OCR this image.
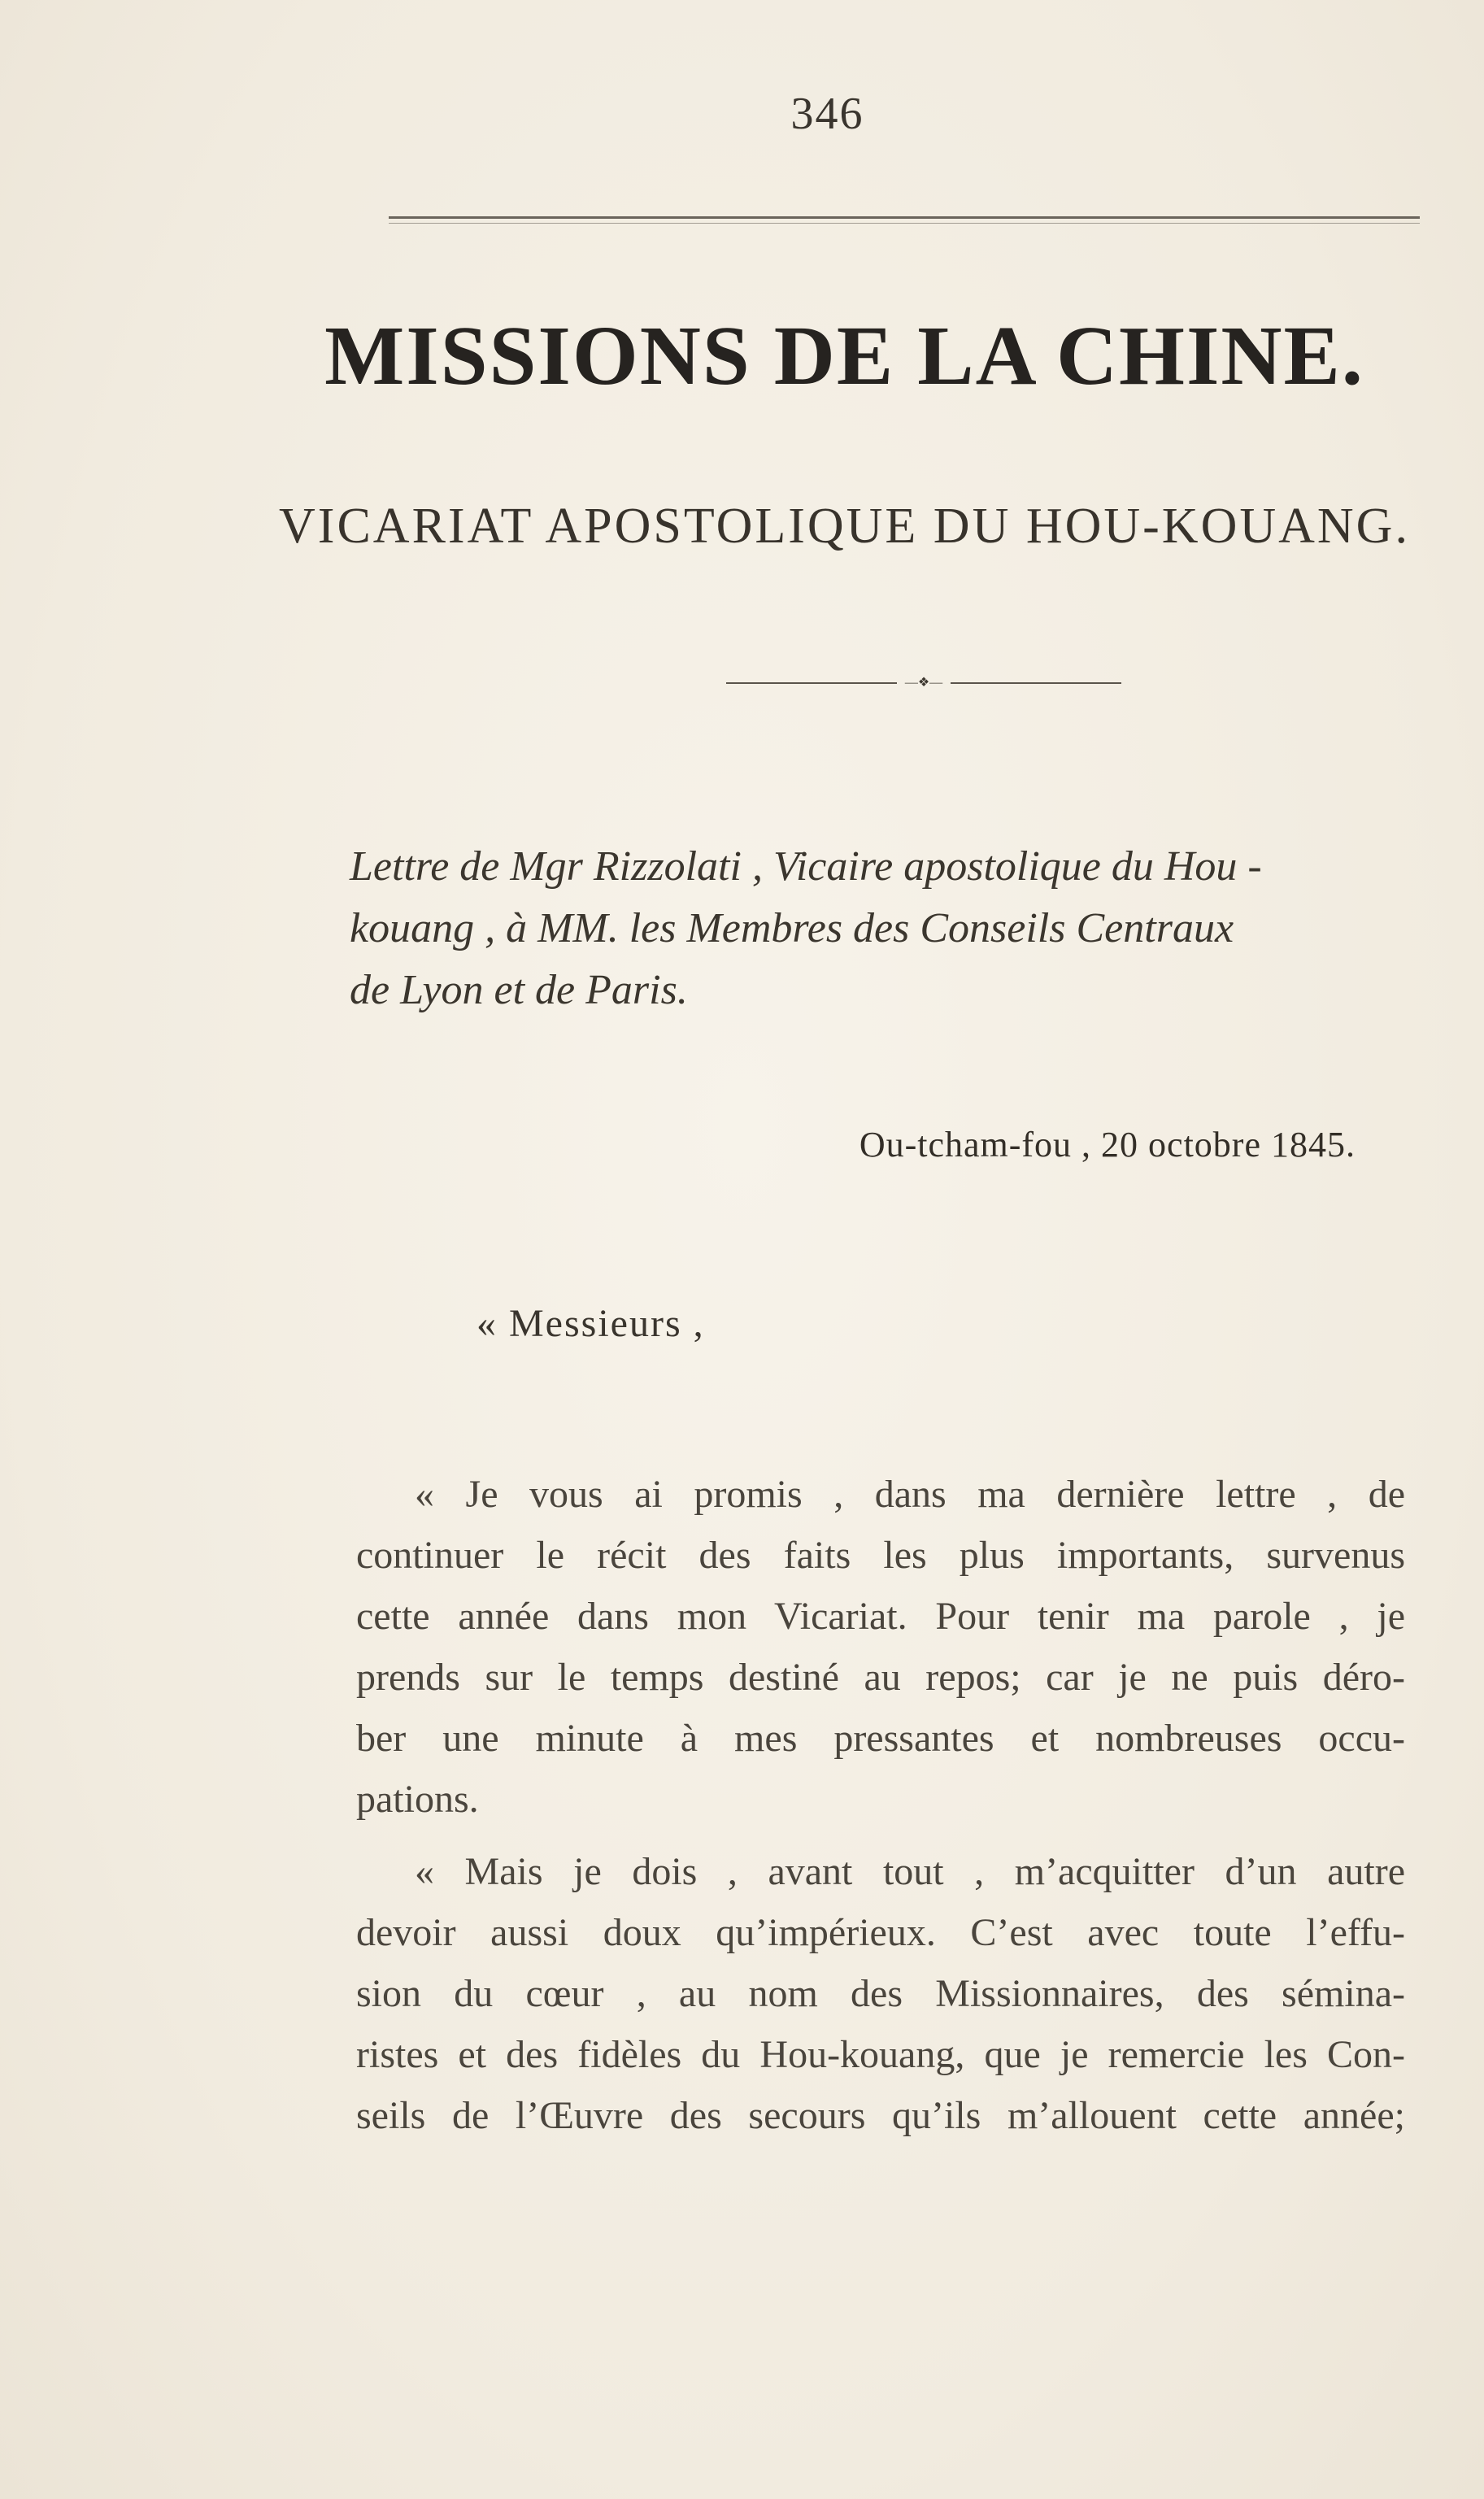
346
MISSIONS DE LA CHINE.
VICARIAT APOSTOLIQUE DU HOU-KOUANG.
—❖—
Lettre de Mgr Rizzolati , Vicaire apostolique du Hou -
kouang , à MM. les Membres des Conseils Centraux
de Lyon et de Paris.
Ou-tcham-fou , 20 octobre 1845.
« Messieurs ,
« Je vous ai promis , dans ma dernière lettre , de
continuer le récit des faits les plus importants, survenus
cette année dans mon Vicariat. Pour tenir ma parole , je
prends sur le temps destiné au repos; car je ne puis déro-
ber une minute à mes pressantes et nombreuses occu-
pations.
« Mais je dois , avant tout , m’acquitter d’un autre
devoir aussi doux qu’impérieux. C’est avec toute l’effu-
sion du cœur , au nom des Missionnaires, des sémina-
ristes et des fidèles du Hou-kouang, que je remercie les Con-
seils de l’Œuvre des secours qu’ils m’allouent cette année;
